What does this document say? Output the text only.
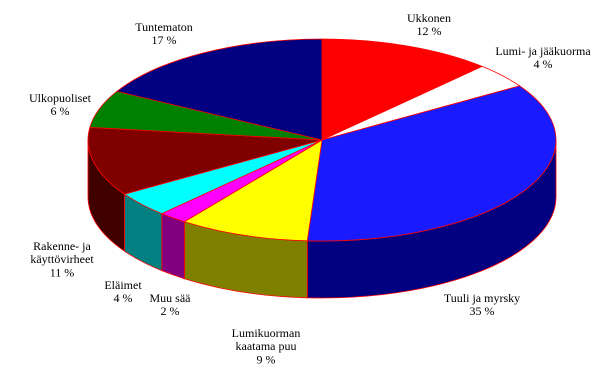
Ukkonen 12 %
Lumi- ja jääkuorma 4 %
Tuuli ja myrsky 35 %
Lumikuorman kaatama puu 9 %
Muu sää 2 %
Eläimet 4 %
Rakenne- ja käyttövirheet 11 %
Ulkopuoliset 6 %
Tuntematon 17 %
